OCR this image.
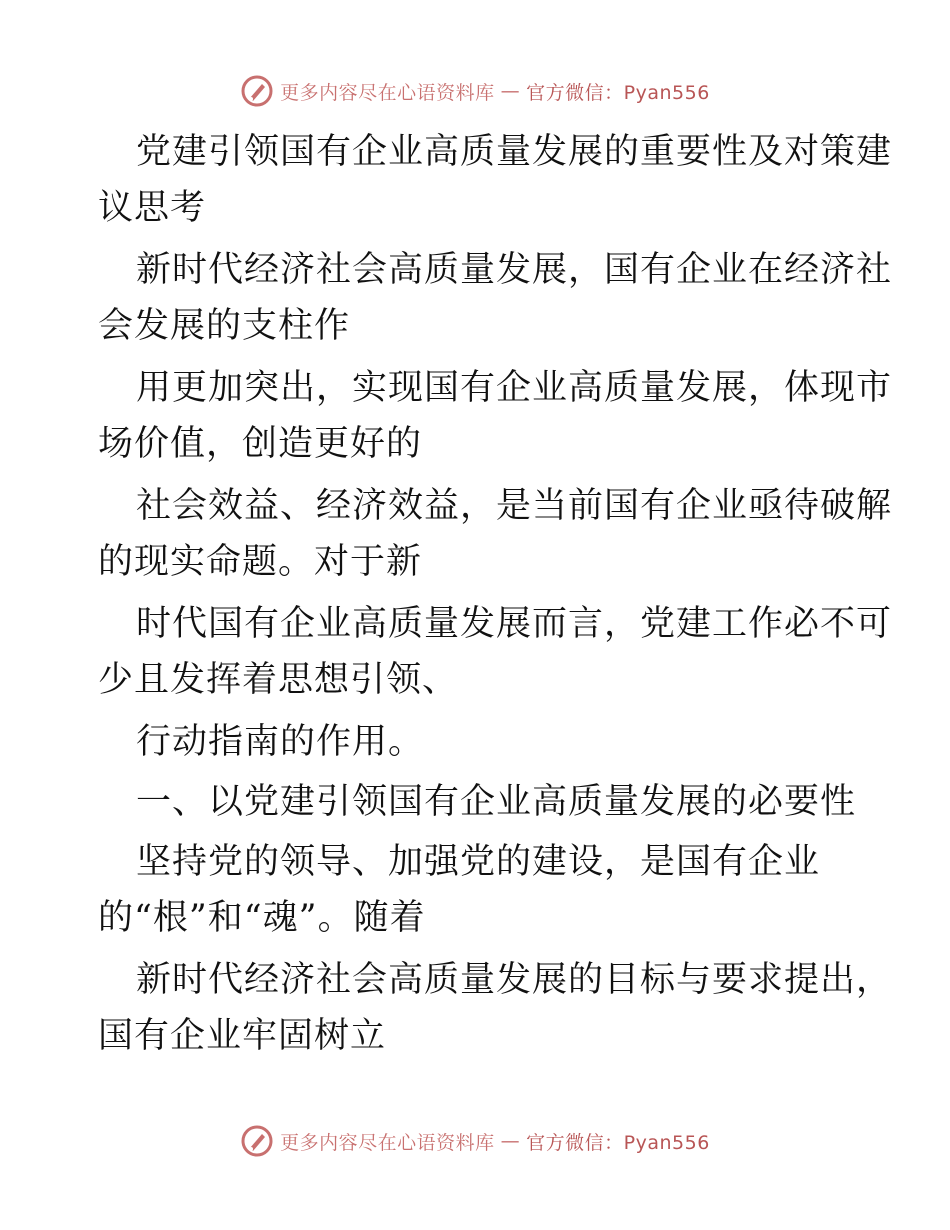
更多内容尽在心语资料库 — 官方微信：Pyan556
党建引领国有企业高质量发展的重要性及对策建
议思考
新时代经济社会高质量发展，国有企业在经济社
会发展的支柱作
用更加突出，实现国有企业高质量发展，体现市
场价值，创造更好的
社会效益、经济效益，是当前国有企业亟待破解
的现实命题。对于新
时代国有企业高质量发展而言，党建工作必不可
少且发挥着思想引领、
行动指南的作用。
一、以党建引领国有企业高质量发展的必要性
坚持党的领导、加强党的建设，是国有企业
的“根”和“魂”。随着
新时代经济社会高质量发展的目标与要求提出，
国有企业牢固树立
更多内容尽在心语资料库 — 官方微信：Pyan556
